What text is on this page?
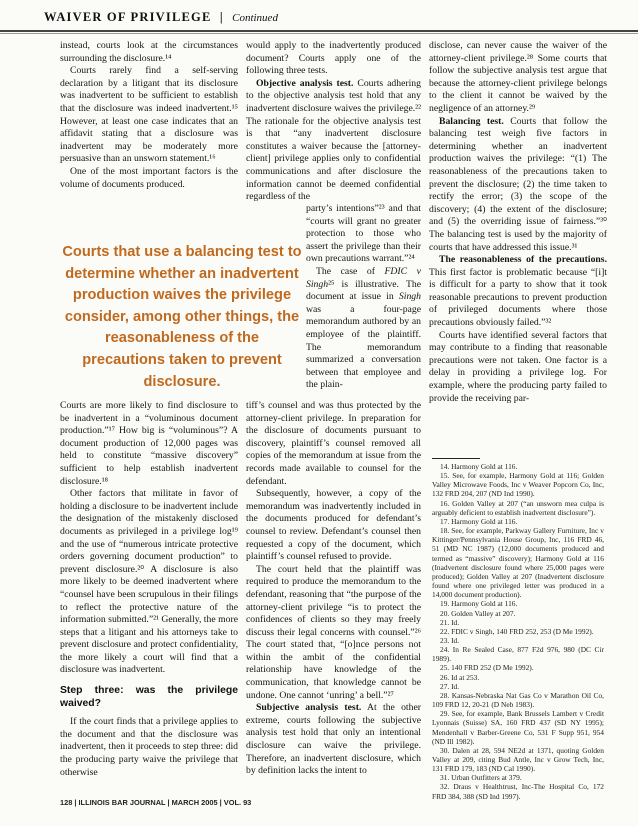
WAIVER OF PRIVILEGE | Continued

instead, courts look at the circumstances surrounding the disclosure.¹⁴

Courts rarely find a self-serving declaration by a litigant that its disclosure was inadvertent to be sufficient to establish that the disclosure was indeed inadvertent.¹⁵ However, at least one case indicates that an affidavit stating that a disclosure was inadvertent may be moderately more persuasive than an unsworn statement.¹⁶

One of the most important factors is the volume of documents produced.

Courts that use a balancing test to determine whether an inadvertent production waives the privilege consider, among other things, the reasonableness of the precautions taken to prevent disclosure.

Courts are more likely to find disclosure to be inadvertent in a “voluminous document production.”¹⁷ How big is “voluminous”? A document production of 12,000 pages was held to constitute “massive discovery” sufficient to help establish inadvertent disclosure.¹⁸

Other factors that militate in favor of holding a disclosure to be inadvertent include the designation of the mistakenly disclosed documents as privileged in a privilege log¹⁹ and the use of “numerous intricate protective orders governing document production” to prevent disclosure.²⁰ A disclosure is also more likely to be deemed inadvertent where “counsel have been scrupulous in their filings to reflect the protective nature of the information submitted.”²¹ Generally, the more steps that a litigant and his attorneys take to prevent disclosure and protect confidentiality, the more likely a court will find that a disclosure was inadvertent.

Step three: was the privilege waived?

If the court finds that a privilege applies to the document and that the disclosure was inadvertent, then it proceeds to step three: did the producing party waive the privilege that otherwise

would apply to the inadvertently produced document? Courts apply one of the following three tests.

Objective analysis test. Courts adhering to the objective analysis test hold that any inadvertent disclosure waives the privilege.²² The rationale for the objective analysis test is that “any inadvertent disclosure constitutes a waiver because the [attorney-client] privilege applies only to confidential communications and after disclosure the information cannot be deemed confidential regardless of the

party’s intentions”²³ and that “courts will grant no greater protection to those who assert the privilege than their own precautions warrant.”²⁴

The case of FDIC v Singh²⁵ is illustrative. The document at issue in Singh was a four-page memorandum authored by an employee of the plaintiff. The memorandum summarized a conversation between that employee and the plain-

tiff’s counsel and was thus protected by the attorney-client privilege. In preparation for the disclosure of documents pursuant to discovery, plaintiff’s counsel removed all copies of the memorandum at issue from the records made available to counsel for the defendant.

Subsequently, however, a copy of the memorandum was inadvertently included in the documents produced for defendant’s counsel to review. Defendant’s counsel then requested a copy of the document, which plaintiff’s counsel refused to provide.

The court held that the plaintiff was required to produce the memorandum to the defendant, reasoning that “the purpose of the attorney-client privilege “is to protect the confidences of clients so they may freely discuss their legal concerns with counsel.”²⁶ The court stated that, “[o]nce persons not within the ambit of the confidential relationship have knowledge of the communication, that knowledge cannot be undone. One cannot ‘unring’ a bell.”²⁷

Subjective analysis test. At the other extreme, courts following the subjective analysis test hold that only an intentional disclosure can waive the privilege. Therefore, an inadvertent disclosure, which by definition lacks the intent to

disclose, can never cause the waiver of the attorney-client privilege.²⁸ Some courts that follow the subjective analysis test argue that because the attorney-client privilege belongs to the client it cannot be waived by the negligence of an attorney.²⁹

Balancing test. Courts that follow the balancing test weigh five factors in determining whether an inadvertent production waives the privilege: “(1) The reasonableness of the precautions taken to prevent the disclosure; (2) the time taken to rectify the error; (3) the scope of the discovery; (4) the extent of the disclosure; and (5) the overriding issue of fairness.”³⁰ The balancing test is used by the majority of courts that have addressed this issue.³¹

The reasonableness of the precautions. This first factor is problematic because “[i]t is difficult for a party to show that it took reasonable precautions to prevent production of privileged documents where those precautions obviously failed.”³²

Courts have identified several factors that may contribute to a finding that reasonable precautions were not taken. One factor is a delay in providing a privilege log. For example, where the producing party failed to provide the receiving par-

14. Harmony Gold at 116.

15. See, for example, Harmony Gold at 116; Golden Valley Microwave Foods, Inc v Weaver Popcorn Co, Inc, 132 FRD 204, 207 (ND Ind 1990).

16. Golden Valley at 207 (“an unsworn mea culpa is arguably deficient to establish inadvertent disclosure”).

17. Harmony Gold at 116.

18. See, for example, Parkway Gallery Furniture, Inc v Kittinger/Pennsylvania House Group, Inc, 116 FRD 46, 51 (MD NC 1987) (12,000 documents produced and termed as “massive” discovery); Harmony Gold at 116 (Inadvertent disclosure found where 25,000 pages were produced); Golden Valley at 207 (Inadvertent disclosure found where one privileged letter was produced in a 14,000 document production).

19. Harmony Gold at 116.

20. Golden Valley at 207.

21. Id.

22. FDIC v Singh, 140 FRD 252, 253 (D Me 1992).

23. Id.

24. In Re Sealed Case, 877 F2d 976, 980 (DC Cir 1989).

25. 140 FRD 252 (D Me 1992).

26. Id at 253.

27. Id.

28. Kansas-Nebraska Nat Gas Co v Marathon Oil Co, 109 FRD 12, 20-21 (D Neb 1983).

29. See, for example, Bank Brussels Lambert v Credit Lyonnais (Suisse) SA, 160 FRD 437 (SD NY 1995); Mendenhall v Barber-Greene Co, 531 F Supp 951, 954 (ND Ill 1982).

30. Dalen at 28, 594 NE2d at 1371, quoting Golden Valley at 209, citing Bud Antle, Inc v Grow Tech, Inc, 131 FRD 179, 183 (ND Cal 1990).

31. Urban Outfitters at 379.

32. Draus v Healthtrust, Inc-The Hospital Co, 172 FRD 384, 388 (SD Ind 1997).

128 | ILLINOIS BAR JOURNAL | MARCH 2005 | VOL. 93
